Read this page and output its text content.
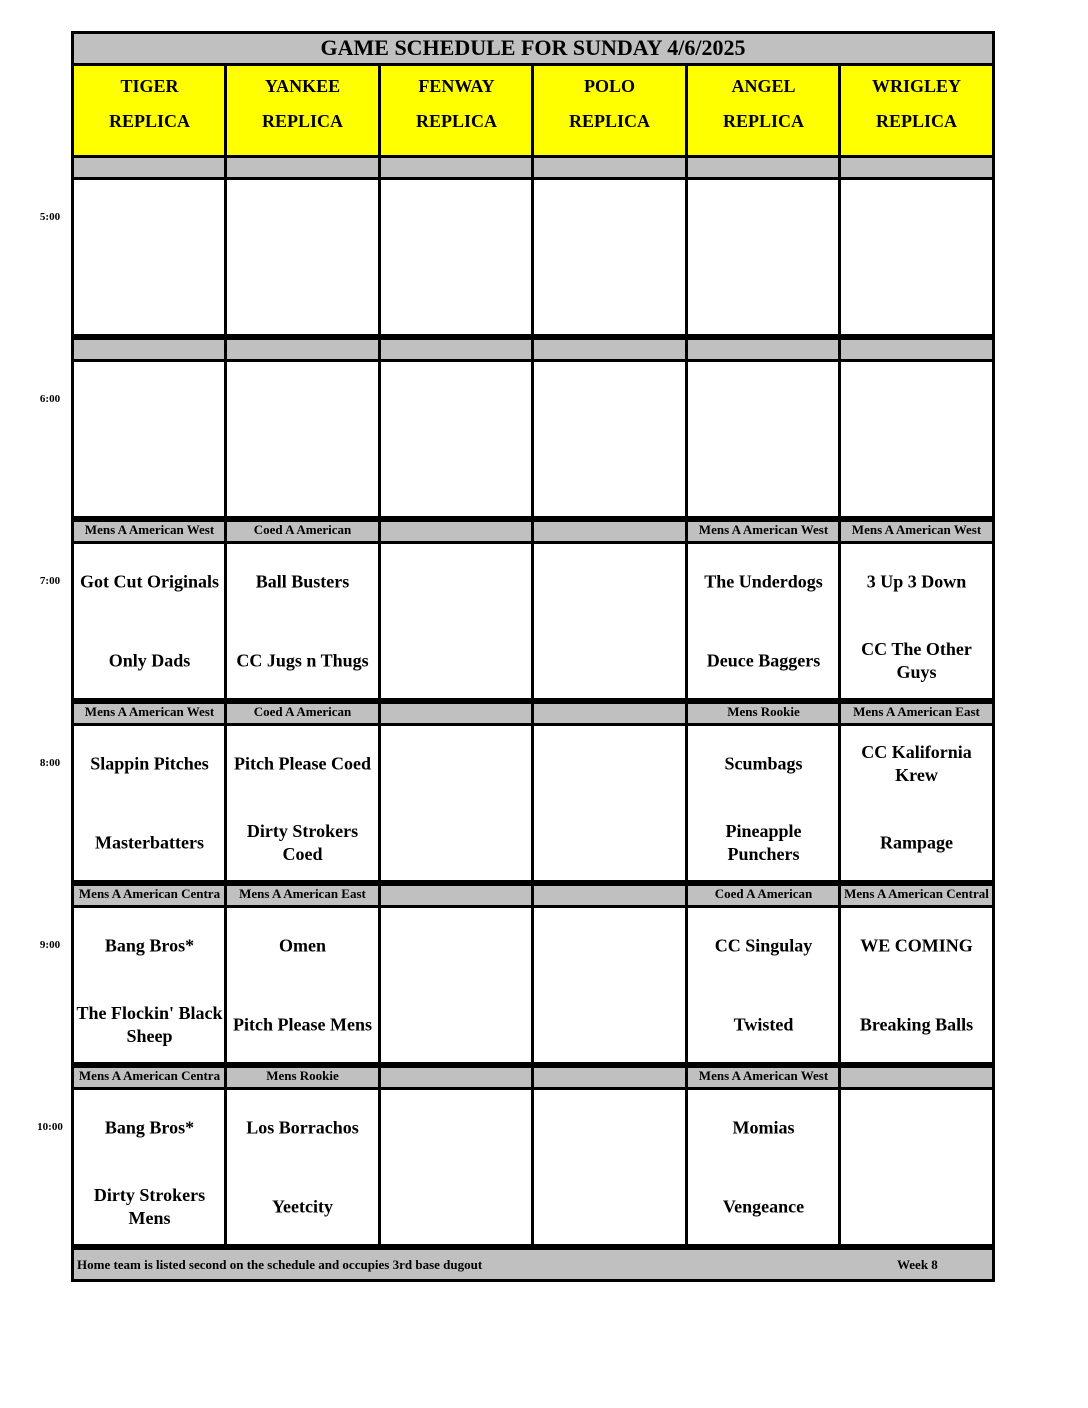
GAME SCHEDULE FOR SUNDAY 4/6/2025
TIGER
REPLICA
YANKEE
REPLICA
FENWAY
REPLICA
POLO
REPLICA
ANGEL
REPLICA
WRIGLEY
REPLICA
5:00
6:00
7:00
Mens A American West
Got Cut Originals
Only Dads
Coed A American
Ball Busters
CC Jugs n Thugs
Mens A American West
The Underdogs
Deuce Baggers
Mens A American West
3 Up 3 Down
CC The Other Guys
8:00
Mens A American West
Slappin Pitches
Masterbatters
Coed A American
Pitch Please Coed
Dirty Strokers Coed
Mens Rookie
Scumbags
Pineapple Punchers
Mens A American East
CC Kalifornia Krew
Rampage
9:00
Mens A American Centra
Bang Bros*
The Flockin' Black Sheep
Mens A American East
Omen
Pitch Please Mens
Coed A American
CC Singulay
Twisted
Mens A American Central
WE COMING
Breaking Balls
10:00
Mens A American Centra
Bang Bros*
Dirty Strokers Mens
Mens Rookie
Los Borrachos
Yeetcity
Mens A American West
Momias
Vengeance
Home team is listed second on the schedule and occupies 3rd base dugout	Week 8
